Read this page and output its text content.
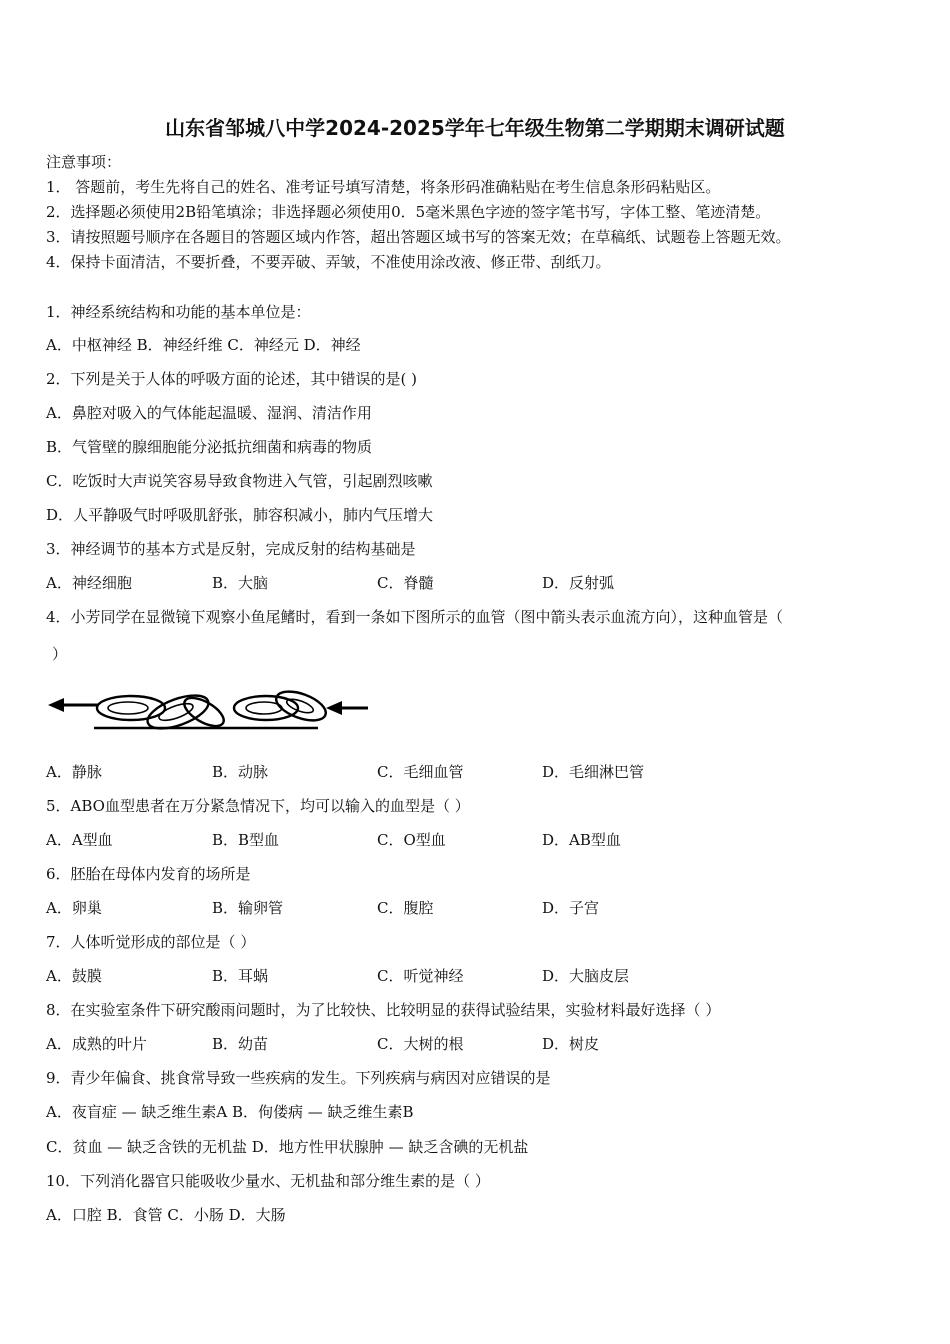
山东省邹城八中学2024-2025学年七年级生物第二学期期末调研试题
注意事项：
1． 答题前，考生先将自己的姓名、准考证号填写清楚，将条形码准确粘贴在考生信息条形码粘贴区。
2．选择题必须使用2B铅笔填涂；非选择题必须使用0．5毫米黑色字迹的签字笔书写，字体工整、笔迹清楚。
3．请按照题号顺序在各题目的答题区域内作答，超出答题区域书写的答案无效；在草稿纸、试题卷上答题无效。
4．保持卡面清洁，不要折叠，不要弄破、弄皱，不准使用涂改液、修正带、刮纸刀。
1．神经系统结构和功能的基本单位是：
A．中枢神经 B．神经纤维 C．神经元 D．神经
2．下列是关于人体的呼吸方面的论述，其中错误的是( )
A．鼻腔对吸入的气体能起温暖、湿润、清洁作用
B．气管壁的腺细胞能分泌抵抗细菌和病毒的物质
C．吃饭时大声说笑容易导致食物进入气管，引起剧烈咳嗽
D．人平静吸气时呼吸肌舒张，肺容积减小，肺内气压增大
3．神经调节的基本方式是反射，完成反射的结构基础是
A．神经细胞	B．大脑	C．脊髓	D．反射弧
4．小芳同学在显微镜下观察小鱼尾鳍时，看到一条如下图所示的血管（图中箭头表示血流方向），这种血管是（
）
A．静脉	B．动脉	C．毛细血管	D．毛细淋巴管
5．ABO血型患者在万分紧急情况下，均可以输入的血型是（ ）
A．A型血	B．B型血	C．O型血	D．AB型血
6．胚胎在母体内发育的场所是
A．卵巢	B．输卵管	C．腹腔	D．子宫
7．人体听觉形成的部位是（ ）
A．鼓膜	B．耳蜗	C．听觉神经	D．大脑皮层
8．在实验室条件下研究酸雨问题时，为了比较快、比较明显的获得试验结果，实验材料最好选择（ ）
A．成熟的叶片	B．幼苗	C．大树的根	D．树皮
9．青少年偏食、挑食常导致一些疾病的发生。下列疾病与病因对应错误的是
A．夜盲症 — 缺乏维生素A B．佝偻病 — 缺乏维生素B
C．贫血 — 缺乏含铁的无机盐 D．地方性甲状腺肿 — 缺乏含碘的无机盐
10．下列消化器官只能吸收少量水、无机盐和部分维生素的是（ ）
A．口腔 B．食管 C．小肠 D．大肠
